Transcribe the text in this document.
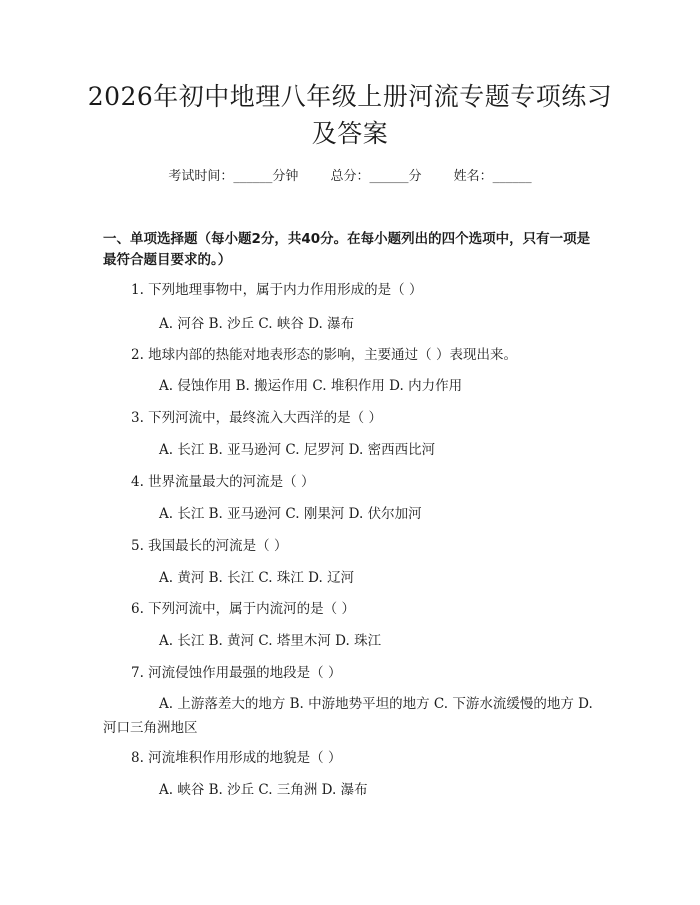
2026年初中地理八年级上册河流专题专项练习及答案
考试时间：______分钟 总分：______分 姓名：______
一、单项选择题（每小题2分，共40分。在每小题列出的四个选项中，只有一项是最符合题目要求的。）
1. 下列地理事物中，属于内力作用形成的是（ ）
A. 河谷 B. 沙丘 C. 峡谷 D. 瀑布
2. 地球内部的热能对地表形态的影响，主要通过（ ）表现出来。
A. 侵蚀作用 B. 搬运作用 C. 堆积作用 D. 内力作用
3. 下列河流中，最终流入大西洋的是（ ）
A. 长江 B. 亚马逊河 C. 尼罗河 D. 密西西比河
4. 世界流量最大的河流是（ ）
A. 长江 B. 亚马逊河 C. 刚果河 D. 伏尔加河
5. 我国最长的河流是（ ）
A. 黄河 B. 长江 C. 珠江 D. 辽河
6. 下列河流中，属于内流河的是（ ）
A. 长江 B. 黄河 C. 塔里木河 D. 珠江
7. 河流侵蚀作用最强的地段是（ ）
A. 上游落差大的地方 B. 中游地势平坦的地方 C. 下游水流缓慢的地方 D. 河口三角洲地区
8. 河流堆积作用形成的地貌是（ ）
A. 峡谷 B. 沙丘 C. 三角洲 D. 瀑布
